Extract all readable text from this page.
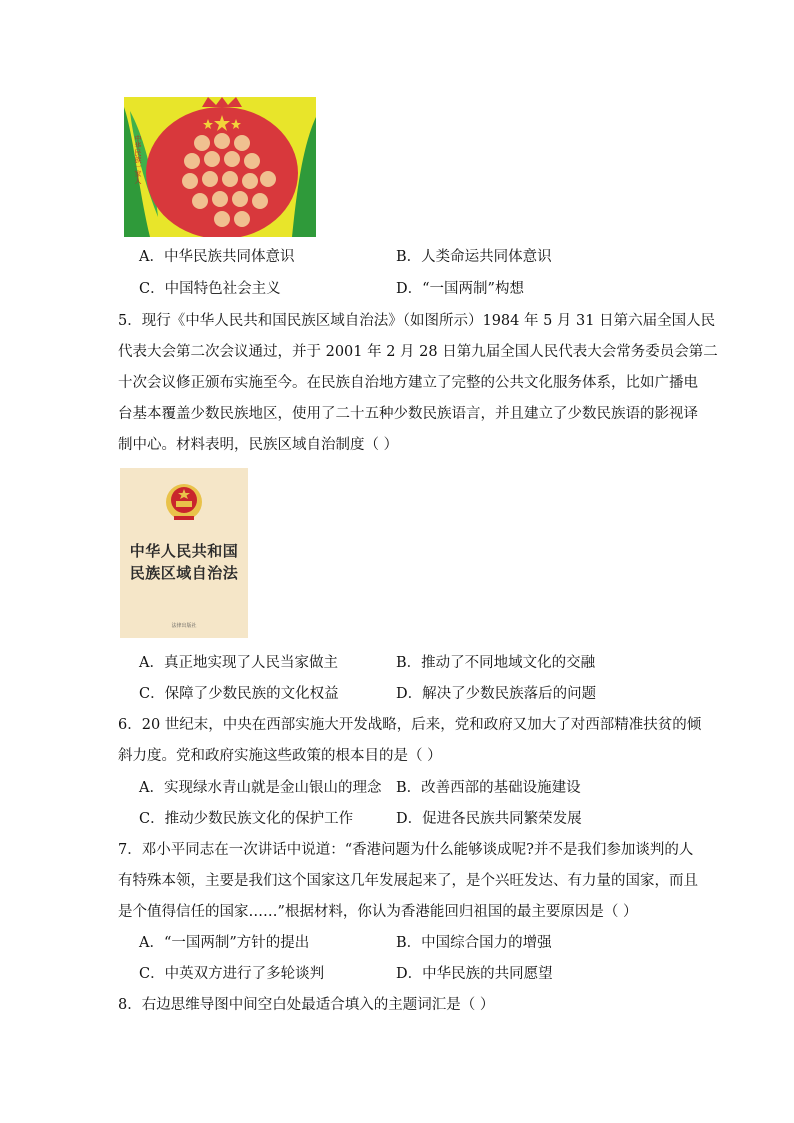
中华民族一家人
A．中华民族共同体意识	B．人类命运共同体意识
C．中国特色社会主义	D．“一国两制”构想
5．现行《中华人民共和国民族区域自治法》（如图所示）1984 年 5 月 31 日第六届全国人民
代表大会第二次会议通过，并于 2001 年 2 月 28 日第九届全国人民代表大会常务委员会第二
十次会议修正颁布实施至今。在民族自治地方建立了完整的公共文化服务体系，比如广播电
台基本覆盖少数民族地区，使用了二十五种少数民族语言，并且建立了少数民族语的影视译
制中心。材料表明，民族区域自治制度（ ）
中华人民共和国
民族区域自治法
法律出版社
A．真正地实现了人民当家做主	B．推动了不同地域文化的交融
C．保障了少数民族的文化权益	D．解决了少数民族落后的问题
6．20 世纪末，中央在西部实施大开发战略，后来，党和政府又加大了对西部精准扶贫的倾
斜力度。党和政府实施这些政策的根本目的是（ ）
A．实现绿水青山就是金山银山的理念 B．改善西部的基础设施建设
C．推动少数民族文化的保护工作	D．促进各民族共同繁荣发展
7．邓小平同志在一次讲话中说道：“香港问题为什么能够谈成呢?并不是我们参加谈判的人
有特殊本领，主要是我们这个国家这几年发展起来了，是个兴旺发达、有力量的国家，而且
是个值得信任的国家……”根据材料，你认为香港能回归祖国的最主要原因是（ ）
A．“一国两制”方针的提出	B．中国综合国力的增强
C．中英双方进行了多轮谈判	D．中华民族的共同愿望
8．右边思维导图中间空白处最适合填入的主题词汇是（ ）
